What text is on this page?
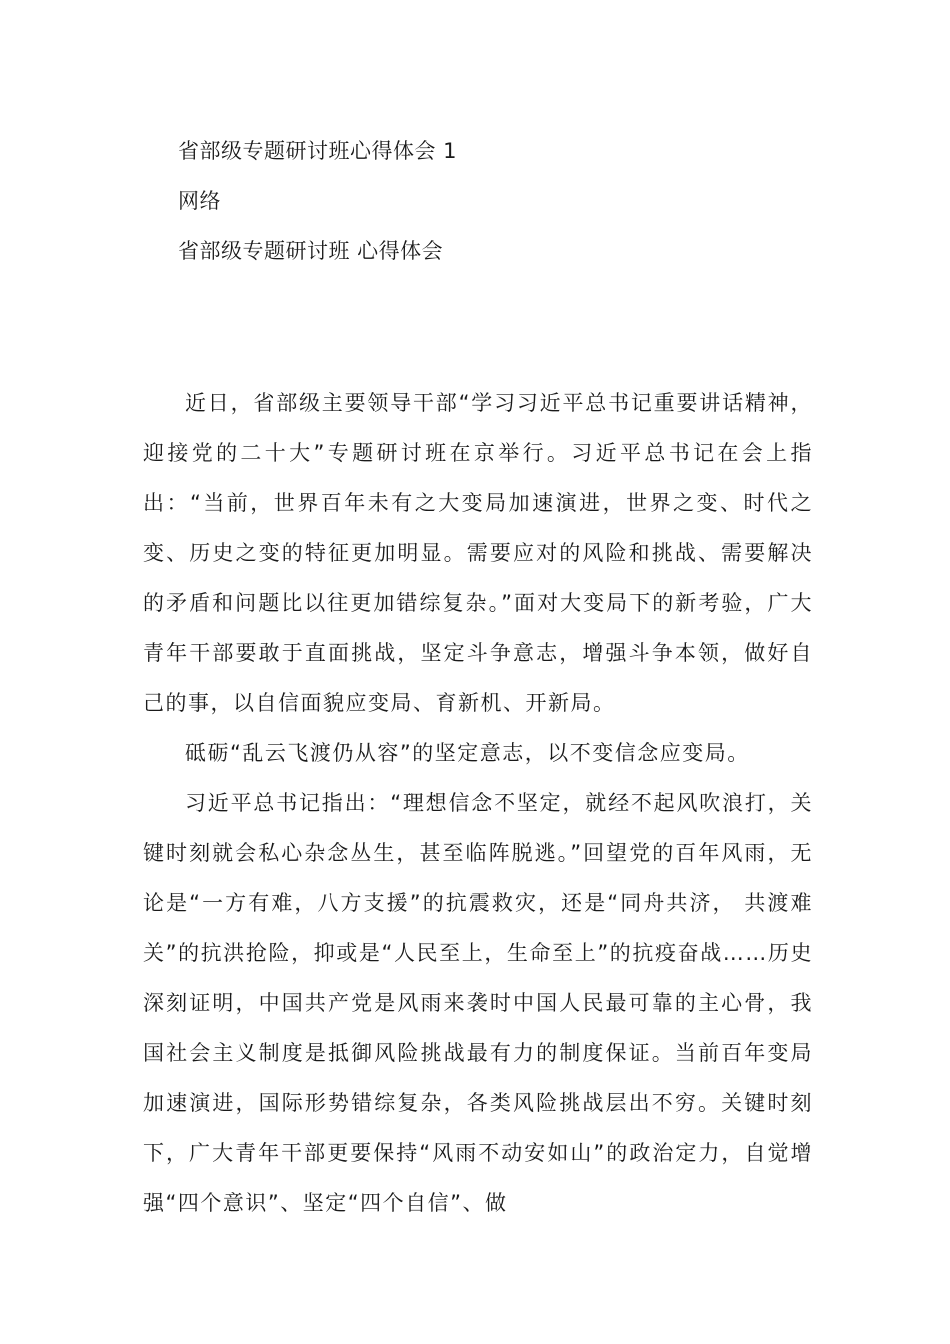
省部级专题研讨班心得体会 1
网络
省部级专题研讨班 心得体会

近日，省部级主要领导干部“学习习近平总书记重要讲话精神，迎接党的二十大”专题研讨班在京举行。习近平总书记在会上指出：“当前，世界百年未有之大变局加速演进，世界之变、时代之变、历史之变的特征更加明显。需要应对的风险和挑战、需要解决的矛盾和问题比以往更加错综复杂。”面对大变局下的新考验，广大青年干部要敢于直面挑战，坚定斗争意志，增强斗争本领，做好自己的事，以自信面貌应变局、育新机、开新局。

砥砺“乱云飞渡仍从容”的坚定意志，以不变信念应变局。

习近平总书记指出：“理想信念不坚定，就经不起风吹浪打，关键时刻就会私心杂念丛生，甚至临阵脱逃。”回望党的百年风雨，无论是“一方有难，八方支援”的抗震救灾，还是“同舟共济， 共渡难关”的抗洪抢险，抑或是“人民至上，生命至上”的抗疫奋战……历史深刻证明，中国共产党是风雨来袭时中国人民最可靠的主心骨，我国社会主义制度是抵御风险挑战最有力的制度保证。当前百年变局加速演进，国际形势错综复杂，各类风险挑战层出不穷。关键时刻下，广大青年干部更要保持“风雨不动安如山”的政治定力，自觉增强“四个意识”、坚定“四个自信”、做
